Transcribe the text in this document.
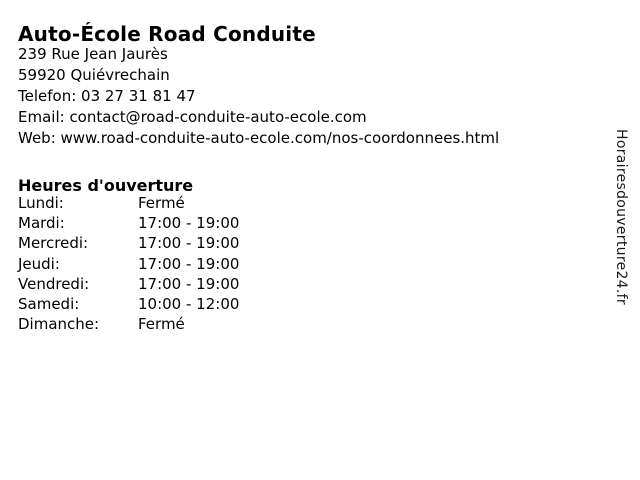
Auto-École Road Conduite
239 Rue Jean Jaurès
59920 Quiévrechain
Telefon: 03 27 31 81 47
Email: contact@road-conduite-auto-ecole.com
Web: www.road-conduite-auto-ecole.com/nos-coordonnees.html
Heures d'ouverture
Lundi:	Fermé
Mardi:	17:00 - 19:00
Mercredi:	17:00 - 19:00
Jeudi:	17:00 - 19:00
Vendredi:	17:00 - 19:00
Samedi:	10:00 - 12:00
Dimanche:	Fermé
Horairesdouverture24.fr
